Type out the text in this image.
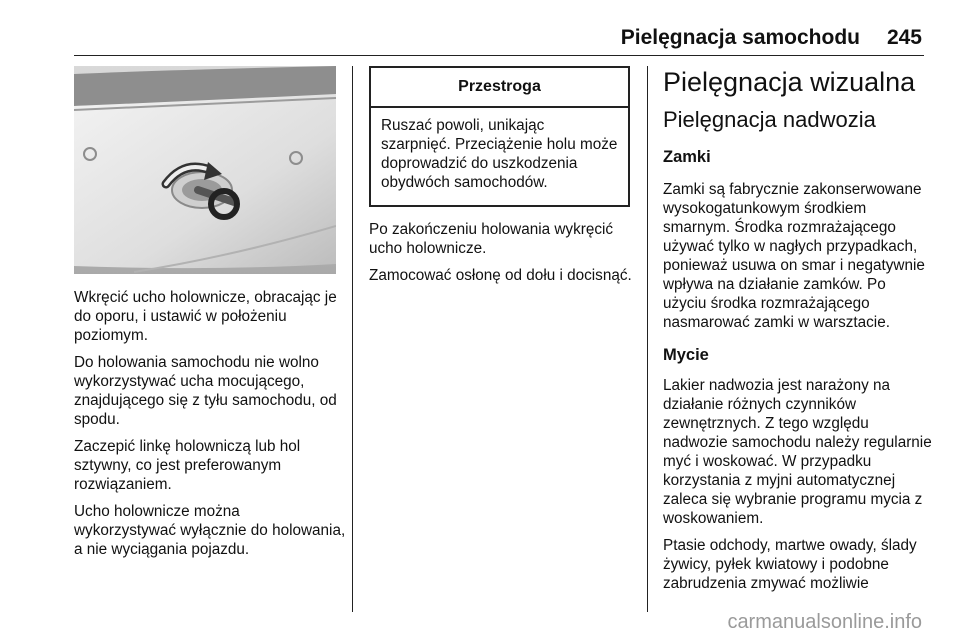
Pielęgnacja samochodu 245

Wkręcić ucho holownicze, obracając je do oporu, i ustawić w położeniu poziomym.

Do holowania samochodu nie wolno wykorzystywać ucha mocującego, znajdującego się z tyłu samochodu, od spodu.

Zaczepić linkę holowniczą lub hol sztywny, co jest preferowanym rozwiązaniem.

Ucho holownicze można wykorzystywać wyłącznie do holowania, a nie wyciągania pojazdu.

Przestroga
Ruszać powoli, unikając szarpnięć. Przeciążenie holu może doprowadzić do uszkodzenia obydwóch samochodów.

Po zakończeniu holowania wykręcić ucho holownicze.

Zamocować osłonę od dołu i docisnąć.

Pielęgnacja wizualna
Pielęgnacja nadwozia
Zamki

Zamki są fabrycznie zakonserwowane wysokogatunkowym środkiem smarnym. Środka rozmrażającego używać tylko w nagłych przypadkach, ponieważ usuwa on smar i negatywnie wpływa na działanie zamków. Po użyciu środka rozmrażającego nasmarować zamki w warsztacie.

Mycie

Lakier nadwozia jest narażony na działanie różnych czynników zewnętrznych. Z tego względu nadwozie samochodu należy regularnie myć i woskować. W przypadku korzystania z myjni automatycznej zaleca się wybranie programu mycia z woskowaniem.

Ptasie odchody, martwe owady, ślady żywicy, pyłek kwiatowy i podobne zabrudzenia zmywać możliwie

carmanualsonline.info
